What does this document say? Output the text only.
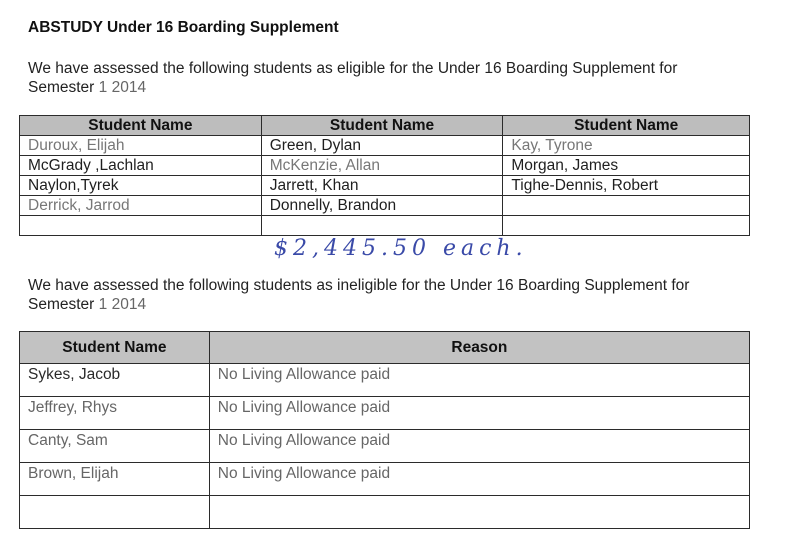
ABSTUDY Under 16 Boarding Supplement
We have assessed the following students as eligible for the Under 16 Boarding Supplement for
Semester 1 2014
Student Name	Student Name	Student Name
Duroux, Elijah	Green, Dylan	Kay, Tyrone
McGrady ,Lachlan	McKenzie, Allan	Morgan, James
Naylon,Tyrek	Jarrett, Khan	Tighe-Dennis, Robert
Derrick, Jarrod	Donnelly, Brandon	

$2,445.50 each.
We have assessed the following students as ineligible for the Under 16 Boarding Supplement for
Semester 1 2014
Student Name	Reason
Sykes, Jacob	No Living Allowance paid
Jeffrey, Rhys	No Living Allowance paid
Canty, Sam	No Living Allowance paid
Brown, Elijah	No Living Allowance paid
